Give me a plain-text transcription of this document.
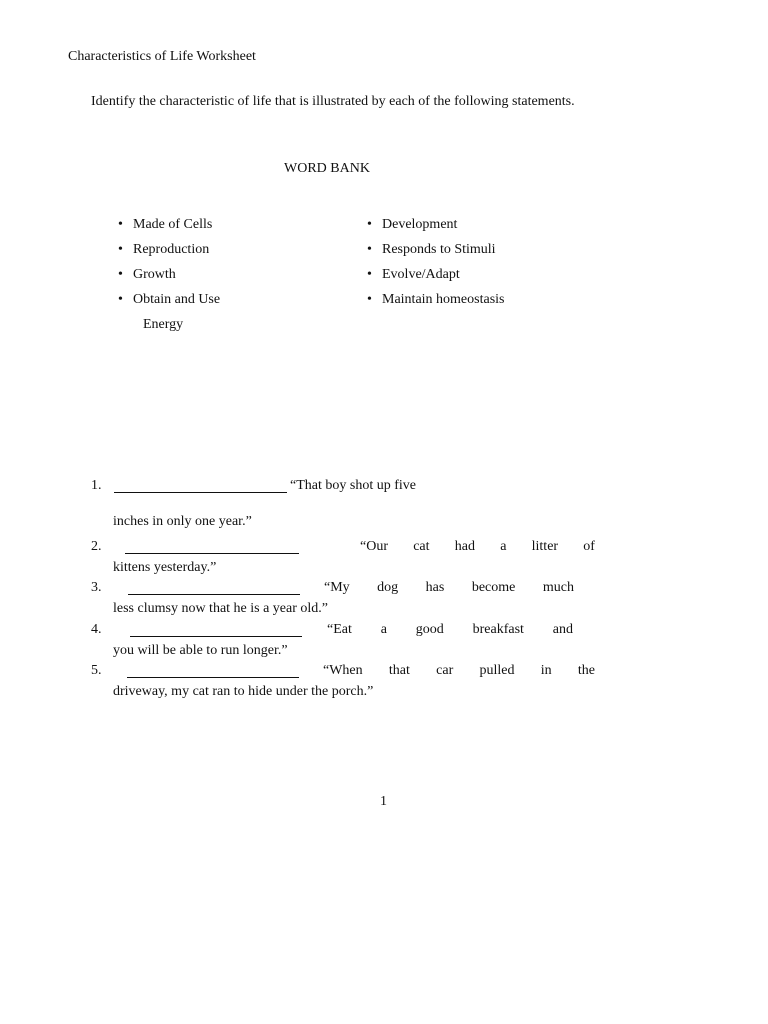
Characteristics of Life Worksheet
Identify the characteristic of life that is illustrated by each of the following statements.
WORD BANK
• Made of Cells
• Reproduction
• Growth
• Obtain and Use
Energy
• Development
• Responds to Stimuli
• Evolve/Adapt
• Maintain homeostasis
1.	“That boy shot up five
inches in only one year.”
2.	“Our cat had a litter of
kittens yesterday.”
3.	“My dog has become much
less clumsy now that he is a year old.”
4.	“Eat a good breakfast and
you will be able to run longer.”
5.	“When that car pulled in the
driveway, my cat ran to hide under the porch.”
1
